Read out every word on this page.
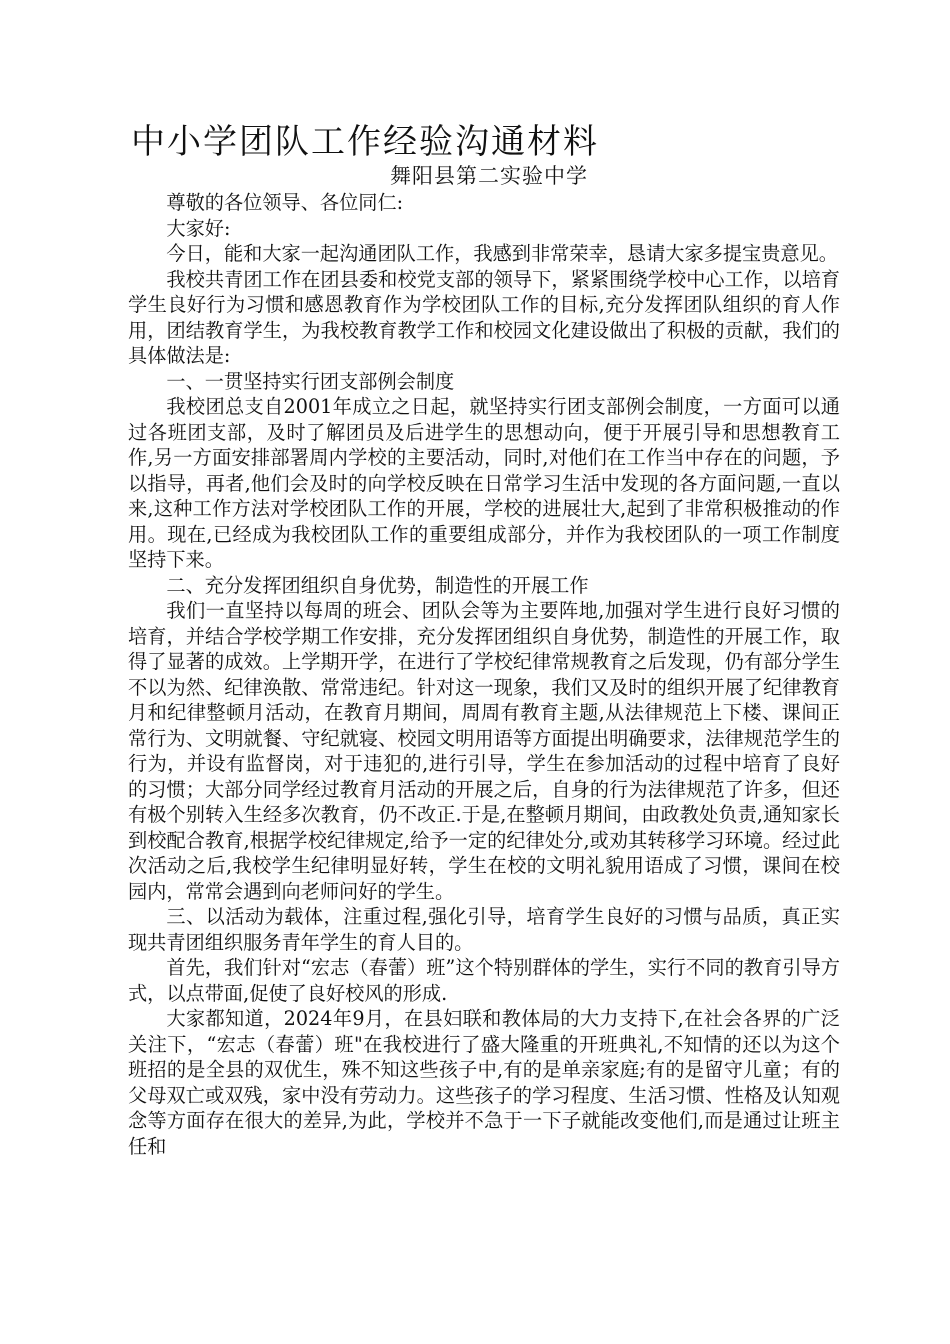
中小学团队工作经验沟通材料
舞阳县第二实验中学

尊敬的各位领导、各位同仁:

大家好:

今日，能和大家一起沟通团队工作，我感到非常荣幸，恳请大家多提宝贵意见。

我校共青团工作在团县委和校党支部的领导下，紧紧围绕学校中心工作，以培育学生良好行为习惯和感恩教育作为学校团队工作的目标,充分发挥团队组织的育人作用，团结教育学生，为我校教育教学工作和校园文化建设做出了积极的贡献，我们的具体做法是:

一、一贯坚持实行团支部例会制度

我校团总支自2001年成立之日起，就坚持实行团支部例会制度，一方面可以通过各班团支部，及时了解团员及后进学生的思想动向，便于开展引导和思想教育工作,另一方面安排部署周内学校的主要活动，同时,对他们在工作当中存在的问题，予以指导，再者,他们会及时的向学校反映在日常学习生活中发现的各方面问题,一直以来,这种工作方法对学校团队工作的开展，学校的进展壮大,起到了非常积极推动的作用。现在,已经成为我校团队工作的重要组成部分，并作为我校团队的一项工作制度坚持下来。

二、充分发挥团组织自身优势，制造性的开展工作

我们一直坚持以每周的班会、团队会等为主要阵地,加强对学生进行良好习惯的培育，并结合学校学期工作安排，充分发挥团组织自身优势，制造性的开展工作，取得了显著的成效。上学期开学，在进行了学校纪律常规教育之后发现，仍有部分学生不以为然、纪律涣散、常常违纪。针对这一现象，我们又及时的组织开展了纪律教育月和纪律整顿月活动，在教育月期间，周周有教育主题,从法律规范上下楼、课间正常行为、文明就餐、守纪就寝、校园文明用语等方面提出明确要求，法律规范学生的行为，并设有监督岗，对于违犯的,进行引导，学生在参加活动的过程中培育了良好的习惯；大部分同学经过教育月活动的开展之后，自身的行为法律规范了许多，但还有极个别转入生经多次教育，仍不改正.于是,在整顿月期间，由政教处负责,通知家长到校配合教育,根据学校纪律规定,给予一定的纪律处分,或劝其转移学习环境。经过此次活动之后,我校学生纪律明显好转，学生在校的文明礼貌用语成了习惯，课间在校园内，常常会遇到向老师问好的学生。

三、以活动为载体，注重过程,强化引导，培育学生良好的习惯与品质，真正实现共青团组织服务青年学生的育人目的。

首先，我们针对“宏志（春蕾）班”这个特别群体的学生，实行不同的教育引导方式，以点带面,促使了良好校风的形成.

大家都知道，2024年9月，在县妇联和教体局的大力支持下,在社会各界的广泛关注下，“宏志（春蕾）班"在我校进行了盛大隆重的开班典礼,不知情的还以为这个班招的是全县的双优生，殊不知这些孩子中,有的是单亲家庭;有的是留守儿童；有的父母双亡或双残，家中没有劳动力。这些孩子的学习程度、生活习惯、性格及认知观念等方面存在很大的差异,为此，学校并不急于一下子就能改变他们,而是通过让班主任和
